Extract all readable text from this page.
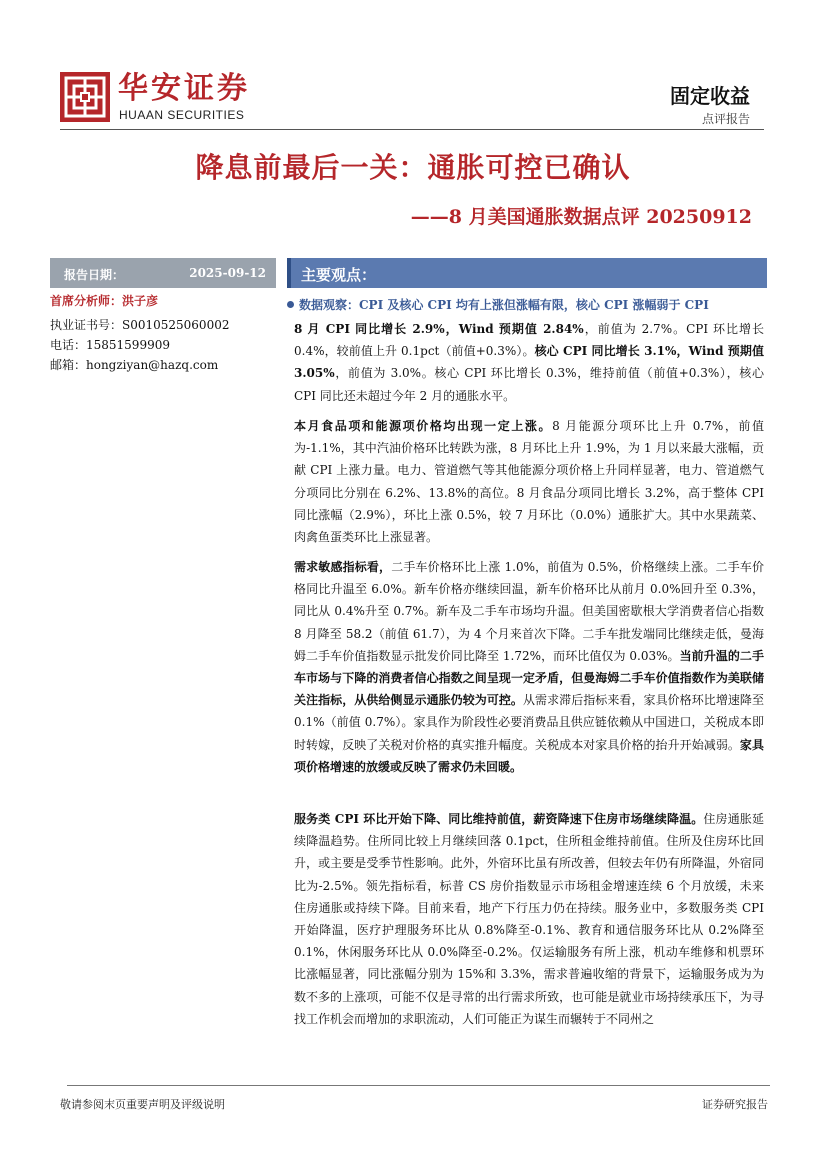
华安证券
HUAAN SECURITIES
固定收益
点评报告
降息前最后一关：通胀可控已确认
——8 月美国通胀数据点评 20250912
报告日期：	2025-09-12
首席分析师：洪子彦
执业证书号：S0010525060002
电话：15851599909
邮箱：hongziyan@hazq.com
主要观点：
数据观察：CPI 及核心 CPI 均有上涨但涨幅有限，核心 CPI 涨幅弱于 CPI

8 月 CPI 同比增长 2.9%，Wind 预期值 2.84%，前值为 2.7%。CPI 环比增长 0.4%，较前值上升 0.1pct（前值+0.3%）。核心 CPI 同比增长 3.1%，Wind 预期值 3.05%，前值为 3.0%。核心 CPI 环比增长 0.3%，维持前值（前值+0.3%），核心 CPI 同比还未超过今年 2 月的通胀水平。

本月食品项和能源项价格均出现一定上涨。8 月能源分项环比上升 0.7%，前值为-1.1%，其中汽油价格环比转跌为涨，8 月环比上升 1.9%，为 1 月以来最大涨幅，贡献 CPI 上涨力量。电力、管道燃气等其他能源分项价格上升同样显著，电力、管道燃气分项同比分别在 6.2%、13.8%的高位。8 月食品分项同比增长 3.2%，高于整体 CPI 同比涨幅（2.9%），环比上涨 0.5%，较 7 月环比（0.0%）通胀扩大。其中水果蔬菜、肉禽鱼蛋类环比上涨显著。

需求敏感指标看，二手车价格环比上涨 1.0%，前值为 0.5%，价格继续上涨。二手车价格同比升温至 6.0%。新车价格亦继续回温，新车价格环比从前月 0.0%回升至 0.3%，同比从 0.4%升至 0.7%。新车及二手车市场均升温。但美国密歇根大学消费者信心指数 8 月降至 58.2（前值 61.7），为 4 个月来首次下降。二手车批发端同比继续走低，曼海姆二手车价值指数显示批发价同比降至 1.72%，而环比值仅为 0.03%。当前升温的二手车市场与下降的消费者信心指数之间呈现一定矛盾，但曼海姆二手车价值指数作为美联储关注指标，从供给侧显示通胀仍较为可控。从需求滞后指标来看，家具价格环比增速降至 0.1%（前值 0.7%）。家具作为阶段性必要消费品且供应链依赖从中国进口，关税成本即时转嫁，反映了关税对价格的真实推升幅度。关税成本对家具价格的抬升开始减弱。家具项价格增速的放缓或反映了需求仍未回暖。

服务类 CPI 环比开始下降、同比维持前值，薪资降速下住房市场继续降温。住房通胀延续降温趋势。住所同比较上月继续回落 0.1pct，住所租金维持前值。住所及住房环比回升，或主要是受季节性影响。此外，外宿环比虽有所改善，但较去年仍有所降温，外宿同比为-2.5%。领先指标看，标普 CS 房价指数显示市场租金增速连续 6 个月放缓，未来住房通胀或持续下降。目前来看，地产下行压力仍在持续。服务业中，多数服务类 CPI 开始降温，医疗护理服务环比从 0.8%降至-0.1%、教育和通信服务环比从 0.2%降至 0.1%，休闲服务环比从 0.0%降至-0.2%。仅运输服务有所上涨，机动车维修和机票环比涨幅显著，同比涨幅分别为 15%和 3.3%，需求普遍收缩的背景下，运输服务成为为数不多的上涨项，可能不仅是寻常的出行需求所致，也可能是就业市场持续承压下，为寻找工作机会而增加的求职流动，人们可能正为谋生而辗转于不同州之

敬请参阅末页重要声明及评级说明	证券研究报告
